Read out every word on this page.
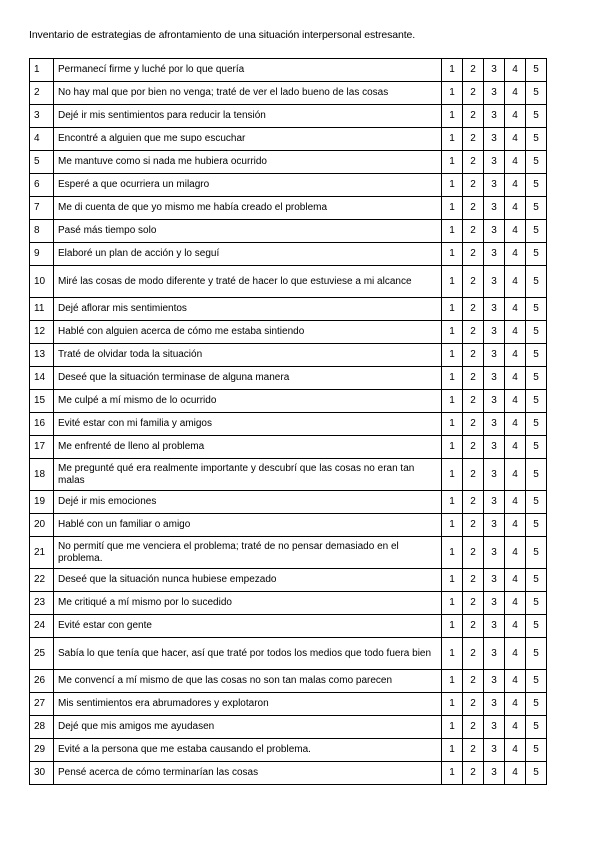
Inventario de estrategias de afrontamiento de una situación interpersonal estresante.
1	Permanecí firme y luché por lo que quería	1	2	3	4	5
2	No hay mal que por bien no venga; traté de ver el lado bueno de las cosas	1	2	3	4	5
3	Dejé ir mis sentimientos para reducir la tensión	1	2	3	4	5
4	Encontré a alguien que me supo escuchar	1	2	3	4	5
5	Me mantuve como si nada me hubiera ocurrido	1	2	3	4	5
6	Esperé a que ocurriera un milagro	1	2	3	4	5
7	Me di cuenta de que yo mismo me había creado el problema	1	2	3	4	5
8	Pasé más tiempo solo	1	2	3	4	5
9	Elaboré un plan de acción y lo seguí	1	2	3	4	5
10	Miré las cosas de modo diferente y traté de hacer lo que estuviese a mi alcance	1	2	3	4	5
11	Dejé aflorar mis sentimientos	1	2	3	4	5
12	Hablé con alguien acerca de cómo me estaba sintiendo	1	2	3	4	5
13	Traté de olvidar toda la situación	1	2	3	4	5
14	Deseé que la situación terminase de alguna manera	1	2	3	4	5
15	Me culpé a mí mismo de lo ocurrido	1	2	3	4	5
16	Evité estar con mi familia y amigos	1	2	3	4	5
17	Me enfrenté de lleno al problema	1	2	3	4	5
18	Me pregunté qué era realmente importante y descubrí que las cosas no eran tan malas	1	2	3	4	5
19	Dejé ir mis emociones	1	2	3	4	5
20	Hablé con un familiar o amigo	1	2	3	4	5
21	No permití que me venciera el problema; traté de no pensar demasiado en el problema.	1	2	3	4	5
22	Deseé que la situación nunca hubiese empezado	1	2	3	4	5
23	Me critiqué a mí mismo por lo sucedido	1	2	3	4	5
24	Evité estar con gente	1	2	3	4	5
25	Sabía lo que tenía que hacer, así que traté por todos los medios que todo fuera bien	1	2	3	4	5
26	Me convencí a mí mismo de que las cosas no son tan malas como parecen	1	2	3	4	5
27	Mis sentimientos era abrumadores y explotaron	1	2	3	4	5
28	Dejé que mis amigos me ayudasen	1	2	3	4	5
29	Evité a la persona que me estaba causando el problema.	1	2	3	4	5
30	Pensé acerca de cómo terminarían las cosas	1	2	3	4	5
